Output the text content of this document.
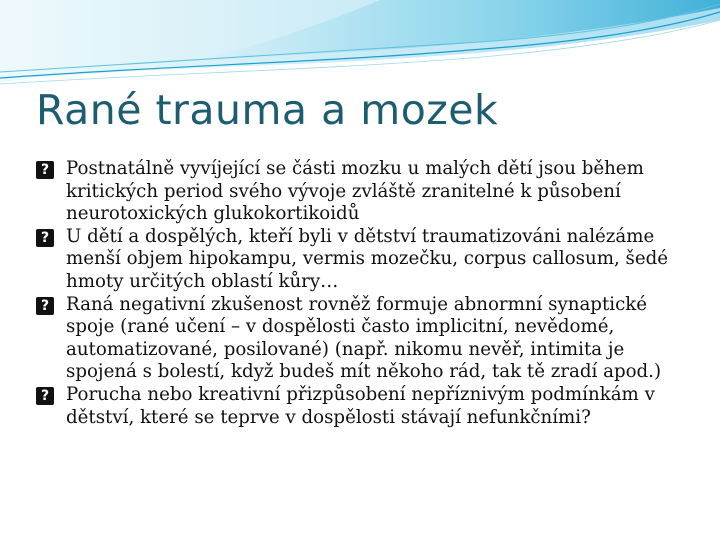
Rané trauma a mozek
?
Postnatálně vyvíjející se části mozku u malých dětí jsou během kritických period svého vývoje zvláště zranitelné k působení neurotoxických glukokortikoidů
?
U dětí a dospělých, kteří byli v dětství traumatizováni nalézáme menší objem hipokampu, vermis mozečku, corpus callosum, šedé hmoty určitých oblastí kůry…
?
Raná negativní zkušenost rovněž formuje abnormní synaptické spoje (rané učení – v dospělosti často implicitní, nevědomé, automatizované, posilované) (např. nikomu nevěř, intimita je spojená s bolestí, když budeš mít někoho rád, tak tě zradí apod.)
?
Porucha nebo kreativní přizpůsobení nepříznivým podmínkám v dětství, které se teprve v dospělosti stávají nefunkčními?
